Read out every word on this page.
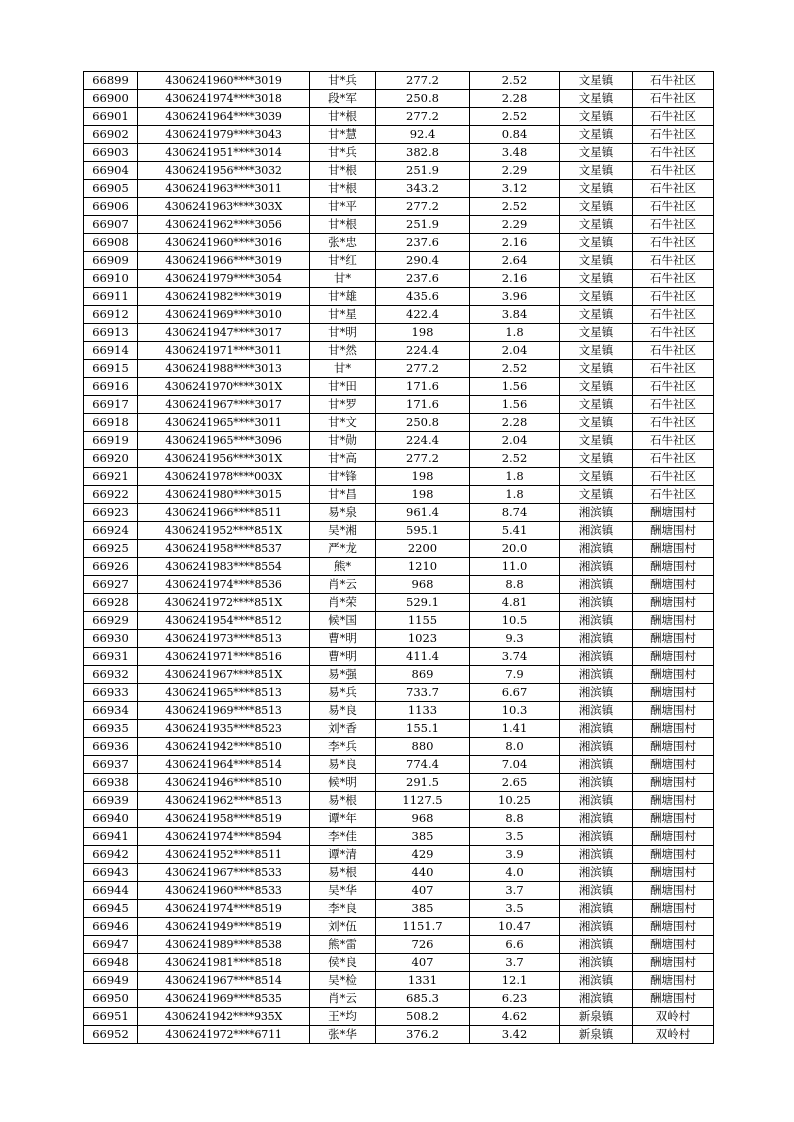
66899	4306241960****3019	甘*兵	277.2	2.52	文星镇	石牛社区
66900	4306241974****3018	段*军	250.8	2.28	文星镇	石牛社区
66901	4306241964****3039	甘*根	277.2	2.52	文星镇	石牛社区
66902	4306241979****3043	甘*慧	92.4	0.84	文星镇	石牛社区
66903	4306241951****3014	甘*兵	382.8	3.48	文星镇	石牛社区
66904	4306241956****3032	甘*根	251.9	2.29	文星镇	石牛社区
66905	4306241963****3011	甘*根	343.2	3.12	文星镇	石牛社区
66906	4306241963****303X	甘*平	277.2	2.52	文星镇	石牛社区
66907	4306241962****3056	甘*根	251.9	2.29	文星镇	石牛社区
66908	4306241960****3016	张*忠	237.6	2.16	文星镇	石牛社区
66909	4306241966****3019	甘*红	290.4	2.64	文星镇	石牛社区
66910	4306241979****3054	甘*	237.6	2.16	文星镇	石牛社区
66911	4306241982****3019	甘*雄	435.6	3.96	文星镇	石牛社区
66912	4306241969****3010	甘*星	422.4	3.84	文星镇	石牛社区
66913	4306241947****3017	甘*明	198	1.8	文星镇	石牛社区
66914	4306241971****3011	甘*然	224.4	2.04	文星镇	石牛社区
66915	4306241988****3013	甘*	277.2	2.52	文星镇	石牛社区
66916	4306241970****301X	甘*田	171.6	1.56	文星镇	石牛社区
66917	4306241967****3017	甘*罗	171.6	1.56	文星镇	石牛社区
66918	4306241965****3011	甘*文	250.8	2.28	文星镇	石牛社区
66919	4306241965****3096	甘*勋	224.4	2.04	文星镇	石牛社区
66920	4306241956****301X	甘*高	277.2	2.52	文星镇	石牛社区
66921	4306241978****003X	甘*锋	198	1.8	文星镇	石牛社区
66922	4306241980****3015	甘*昌	198	1.8	文星镇	石牛社区
66923	4306241966****8511	易*泉	961.4	8.74	湘滨镇	酬塘围村
66924	4306241952****851X	吴*湘	595.1	5.41	湘滨镇	酬塘围村
66925	4306241958****8537	严*龙	2200	20.0	湘滨镇	酬塘围村
66926	4306241983****8554	熊*	1210	11.0	湘滨镇	酬塘围村
66927	4306241974****8536	肖*云	968	8.8	湘滨镇	酬塘围村
66928	4306241972****851X	肖*荣	529.1	4.81	湘滨镇	酬塘围村
66929	4306241954****8512	候*国	1155	10.5	湘滨镇	酬塘围村
66930	4306241973****8513	曹*明	1023	9.3	湘滨镇	酬塘围村
66931	4306241971****8516	曹*明	411.4	3.74	湘滨镇	酬塘围村
66932	4306241967****851X	易*强	869	7.9	湘滨镇	酬塘围村
66933	4306241965****8513	易*兵	733.7	6.67	湘滨镇	酬塘围村
66934	4306241969****8513	易*良	1133	10.3	湘滨镇	酬塘围村
66935	4306241935****8523	刘*香	155.1	1.41	湘滨镇	酬塘围村
66936	4306241942****8510	李*兵	880	8.0	湘滨镇	酬塘围村
66937	4306241964****8514	易*良	774.4	7.04	湘滨镇	酬塘围村
66938	4306241946****8510	候*明	291.5	2.65	湘滨镇	酬塘围村
66939	4306241962****8513	易*根	1127.5	10.25	湘滨镇	酬塘围村
66940	4306241958****8519	谭*年	968	8.8	湘滨镇	酬塘围村
66941	4306241974****8594	李*佳	385	3.5	湘滨镇	酬塘围村
66942	4306241952****8511	谭*清	429	3.9	湘滨镇	酬塘围村
66943	4306241967****8533	易*根	440	4.0	湘滨镇	酬塘围村
66944	4306241960****8533	吴*华	407	3.7	湘滨镇	酬塘围村
66945	4306241974****8519	李*良	385	3.5	湘滨镇	酬塘围村
66946	4306241949****8519	刘*伍	1151.7	10.47	湘滨镇	酬塘围村
66947	4306241989****8538	熊*雷	726	6.6	湘滨镇	酬塘围村
66948	4306241981****8518	侯*良	407	3.7	湘滨镇	酬塘围村
66949	4306241967****8514	吴*检	1331	12.1	湘滨镇	酬塘围村
66950	4306241969****8535	肖*云	685.3	6.23	湘滨镇	酬塘围村
66951	4306241942****935X	王*均	508.2	4.62	新泉镇	双岭村
66952	4306241972****6711	张*华	376.2	3.42	新泉镇	双岭村
